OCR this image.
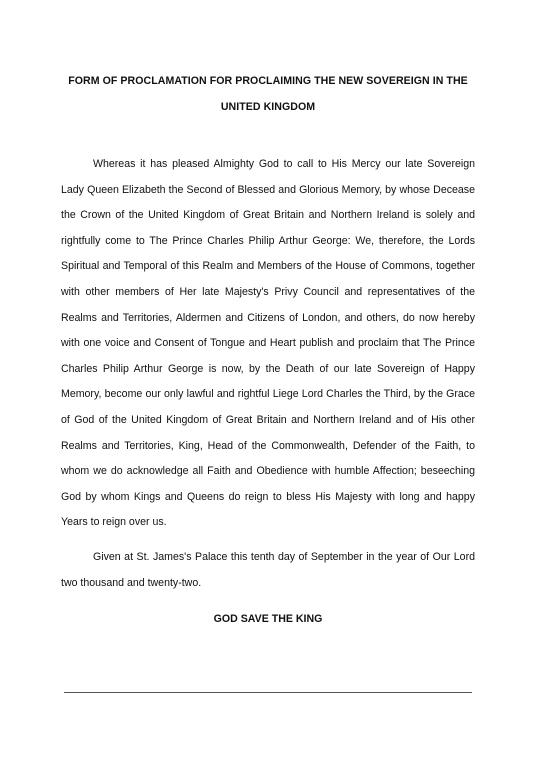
FORM OF PROCLAMATION FOR PROCLAIMING THE NEW SOVEREIGN IN THE UNITED KINGDOM

Whereas it has pleased Almighty God to call to His Mercy our late Sovereign Lady Queen Elizabeth the Second of Blessed and Glorious Memory, by whose Decease the Crown of the United Kingdom of Great Britain and Northern Ireland is solely and rightfully come to The Prince Charles Philip Arthur George: We, therefore, the Lords Spiritual and Temporal of this Realm and Members of the House of Commons, together with other members of Her late Majesty's Privy Council and representatives of the Realms and Territories, Aldermen and Citizens of London, and others, do now hereby with one voice and Consent of Tongue and Heart publish and proclaim that The Prince Charles Philip Arthur George is now, by the Death of our late Sovereign of Happy Memory, become our only lawful and rightful Liege Lord Charles the Third, by the Grace of God of the United Kingdom of Great Britain and Northern Ireland and of His other Realms and Territories, King, Head of the Commonwealth, Defender of the Faith, to whom we do acknowledge all Faith and Obedience with humble Affection; beseeching God by whom Kings and Queens do reign to bless His Majesty with long and happy Years to reign over us.

Given at St. James's Palace this tenth day of September in the year of Our Lord two thousand and twenty-two.

GOD SAVE THE KING
